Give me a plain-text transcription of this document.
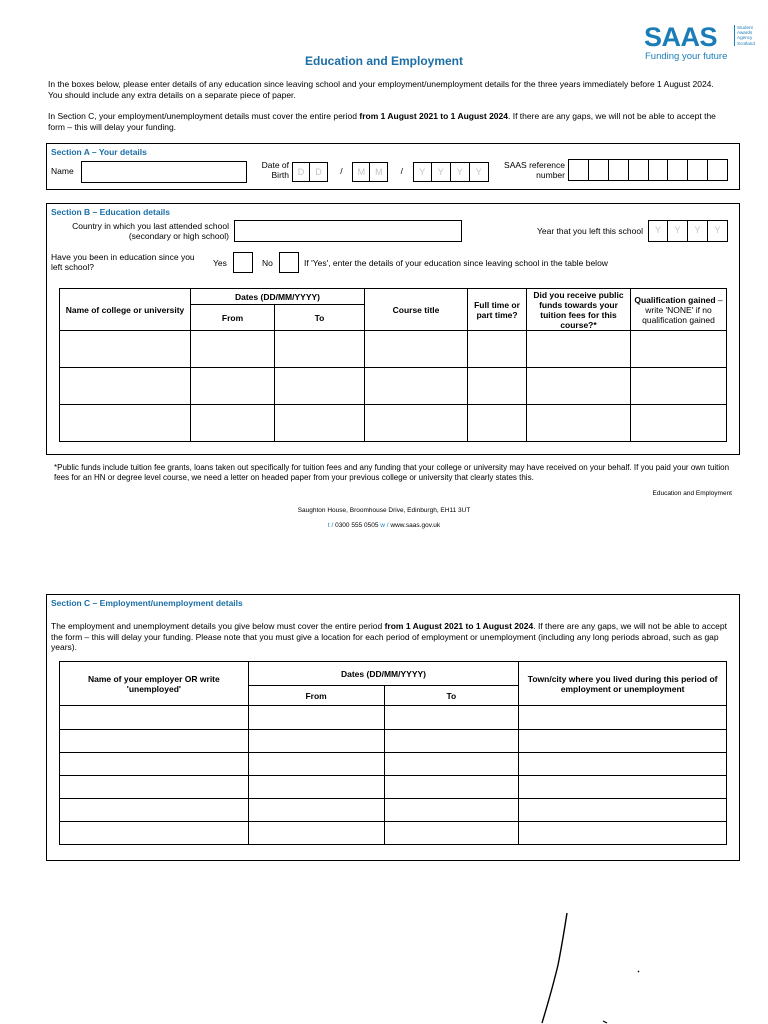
SAAS	Student Awards Agency Scotland
Funding your future
Education and Employment
In the boxes below, please enter details of any education since leaving school and your employment/unemployment details for the three years immediately before 1 August 2024. You should include any extra details on a separate piece of paper.
In Section C, your employment/unemployment details must cover the entire period from 1 August 2021 to 1 August 2024. If there are any gaps, we will not be able to accept the form – this will delay your funding.
Section A – Your details
Name
Date of Birth D D / M M / Y Y Y Y
SAAS reference number
Section B – Education details
Country in which you last attended school (secondary or high school)	Year that you left this school	Y Y Y Y
Have you been in education since you left school?	Yes	No	If 'Yes', enter the details of your education since leaving school in the table below
Name of college or university	Dates (DD/MM/YYYY)		Course title	Full time or part time?	Did you receive public funds towards your tuition fees for this course?*	Qualification gained – write 'NONE' if no qualification gained
	From	To				

*Public funds include tuition fee grants, loans taken out specifically for tuition fees and any funding that your college or university may have received on your behalf. If you paid your own tuition fees for an HN or degree level course, we need a letter on headed paper from your previous college or university that clearly states this.
Education and Employment
Saughton House, Broomhouse Drive, Edinburgh, EH11 3UT
t / 0300 555 0505 w / www.saas.gov.uk
Section C – Employment/unemployment details
The employment and unemployment details you give below must cover the entire period from 1 August 2021 to 1 August 2024. If there are any gaps, we will not be able to accept the form – this will delay your funding. Please note that you must give a location for each period of employment or unemployment (including any long periods abroad, such as gap years).
Name of your employer OR write 'unemployed'	Dates (DD/MM/YYYY)		Town/city where you lived during this period of employment or unemployment
	From	To	
